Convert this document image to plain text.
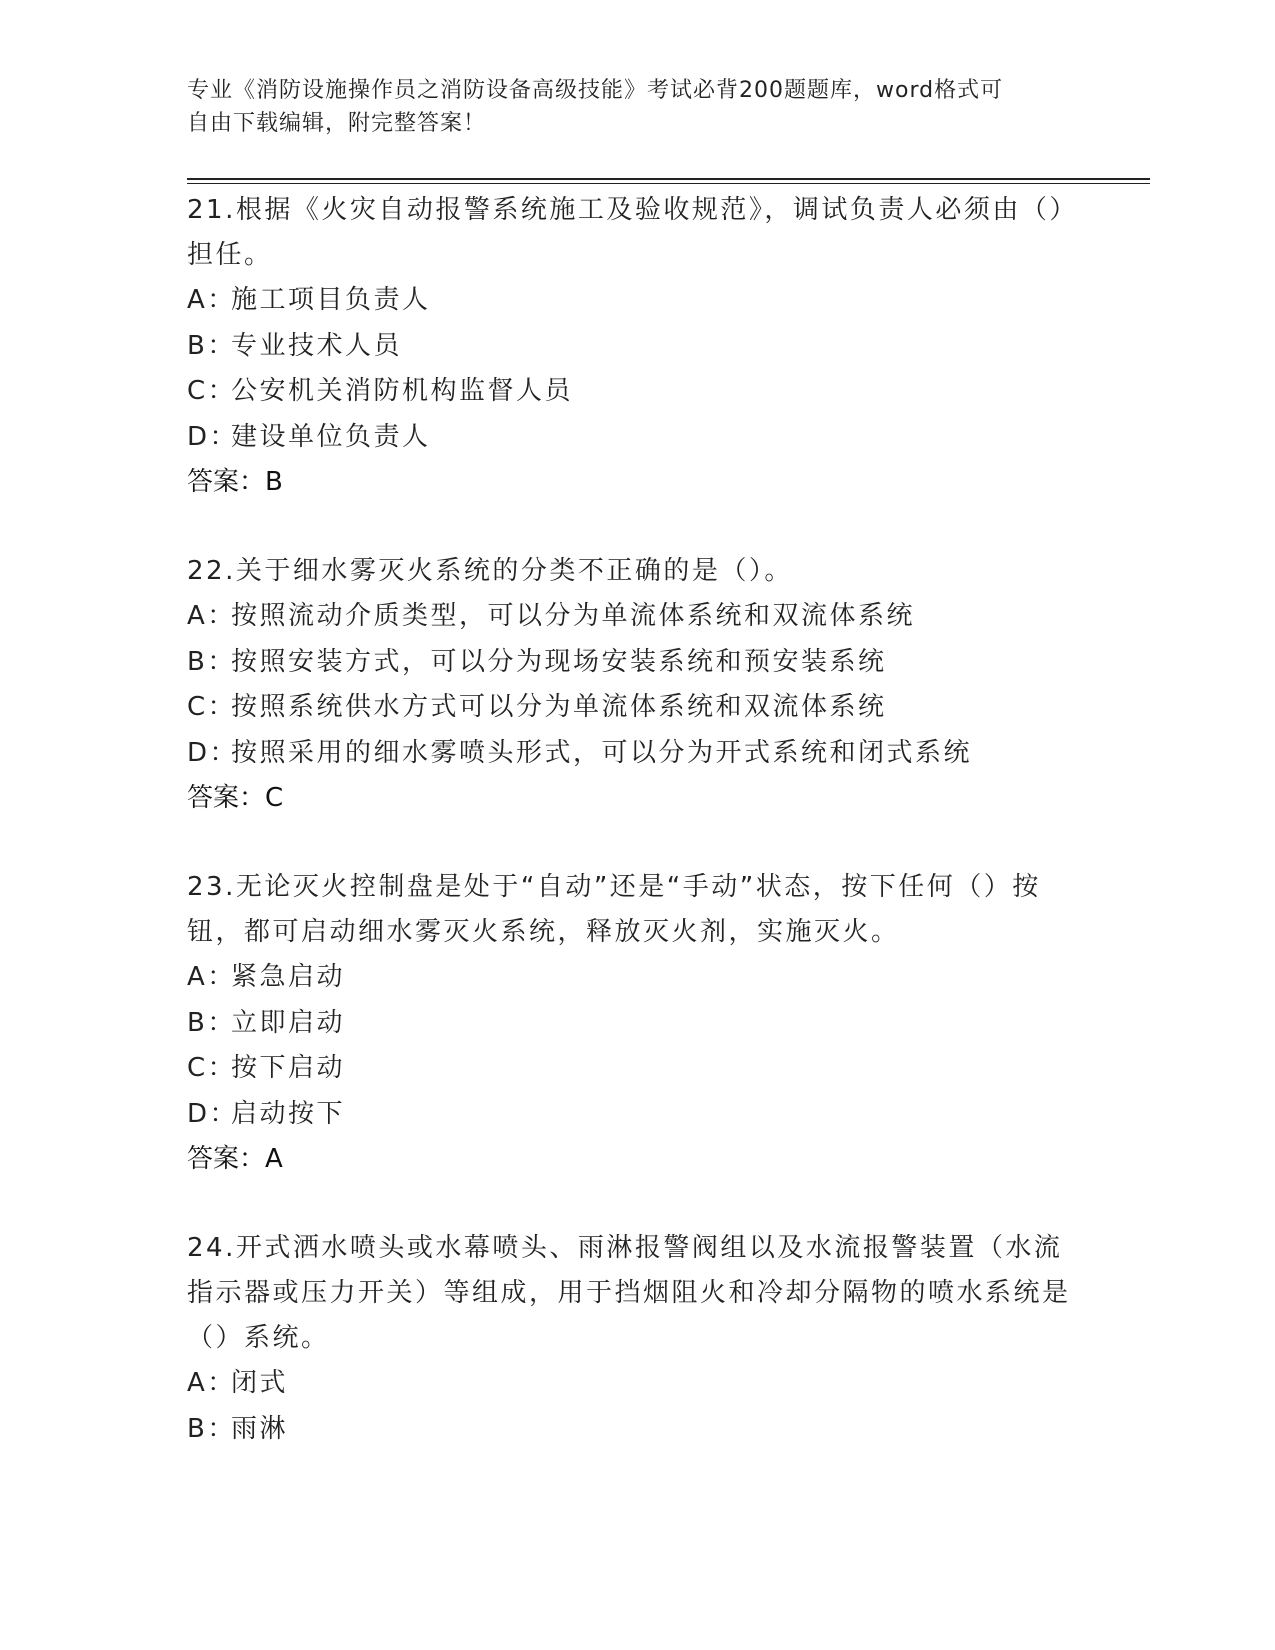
专业《消防设施操作员之消防设备高级技能》考试必背200题题库，word格式可
自由下载编辑，附完整答案！

21.根据《火灾自动报警系统施工及验收规范》，调试负责人必须由（）担任。

A：
施工项目负责人
B：
专业技术人员
C：
公安机关消防机构监督人员
D：
建设单位负责人
答案：B

22.关于细水雾灭火系统的分类不正确的是（）。

A：
按照流动介质类型，可以分为单流体系统和双流体系统
B：
按照安装方式，可以分为现场安装系统和预安装系统
C：
按照系统供水方式可以分为单流体系统和双流体系统
D：
按照采用的细水雾喷头形式，可以分为开式系统和闭式系统
答案：C

23.无论灭火控制盘是处于“自动”还是“手动”状态，按下任何（）按钮，都可启动细水雾灭火系统，释放灭火剂，实施灭火。

A：
紧急启动
B：
立即启动
C：
按下启动
D：
启动按下
答案：A

24.开式洒水喷头或水幕喷头、雨淋报警阀组以及水流报警装置（水流指示器或压力开关）等组成，用于挡烟阻火和冷却分隔物的喷水系统是（）系统。

A：
闭式
B：
雨淋
